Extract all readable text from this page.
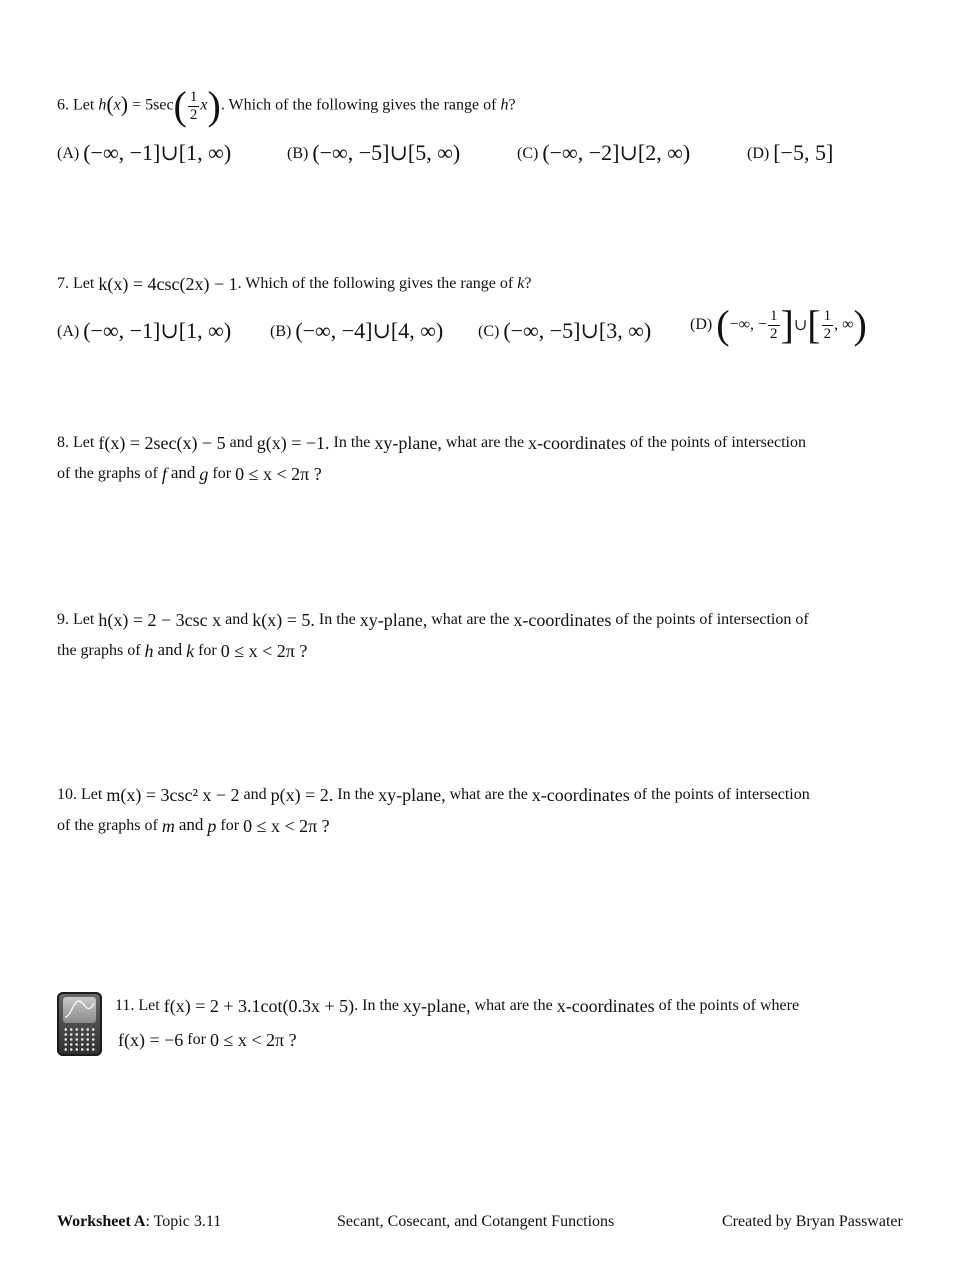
6. Let $h(x) = 5\sec( \frac{1}{2} x)$. Which of the following gives the range of h?
(A) (−∞, −1]∪[1, ∞)	(B) (−∞, −5]∪[5, ∞)	(C) (−∞, −2]∪[2, ∞)	(D) [−5, 5]
7. Let k(x) = 4csc(2x) − 1. Which of the following gives the range of k?
(A) (−∞, −1]∪[1, ∞) (B) (−∞, −4]∪[4, ∞) (C) (−∞, −5]∪[3, ∞) (D) (−∞, − $\frac{1}{2}$ ]∪[ $\frac{1}{2}$ , ∞)
8. Let f(x) = 2sec(x) − 5 and g(x) = −1. In the xy-plane, what are the x-coordinates of the points of intersection
of the graphs of f and g for 0 ≤ x < 2π ?
9. Let h(x) = 2 − 3csc x and k(x) = 5. In the xy-plane, what are the x-coordinates of the points of intersection of
the graphs of h and k for 0 ≤ x < 2π ?
10. Let m(x) = 3csc² x − 2 and p(x) = 2. In the xy-plane, what are the x-coordinates of the points of intersection
of the graphs of m and p for 0 ≤ x < 2π ?
11. Let f(x) = 2 + 3.1cot(0.3x + 5). In the xy-plane, what are the x-coordinates of the points of where
f(x) = −6 for 0 ≤ x < 2π ?
Worksheet A: Topic 3.11	Secant, Cosecant, and Cotangent Functions	Created by Bryan Passwater
